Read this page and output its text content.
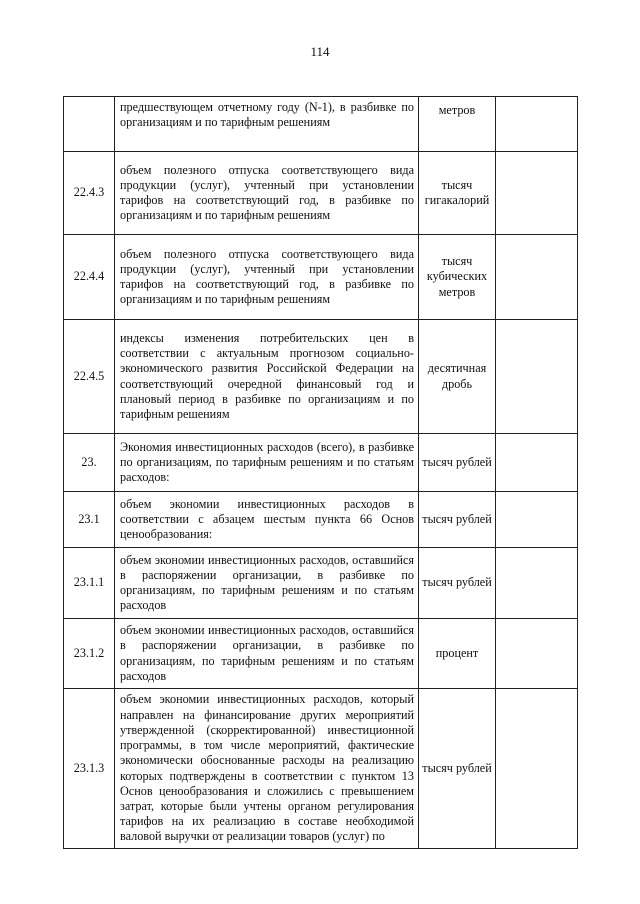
114
	предшествующем отчетному году (N-1), в разбивке по организациям и по тарифным решениям	метров	
22.4.3	объем полезного отпуска соответствующего вида продукции (услуг), учтенный при установлении тарифов на соответствующий год, в разбивке по организациям и по тарифным решениям	тысяч гигакалорий	
22.4.4	объем полезного отпуска соответствующего вида продукции (услуг), учтенный при установлении тарифов на соответствующий год, в разбивке по организациям и по тарифным решениям	тысяч кубических метров	
22.4.5	индексы изменения потребительских цен в соответствии с актуальным прогнозом социально-экономического развития Российской Федерации на соответствующий очередной финансовый год и плановый период в разбивке по организациям и по тарифным решениям	десятичная дробь	
23.	Экономия инвестиционных расходов (всего), в разбивке по организациям, по тарифным решениям и по статьям расходов:	тысяч рублей	
23.1	объем экономии инвестиционных расходов в соответствии с абзацем шестым пункта 66 Основ ценообразования:	тысяч рублей	
23.1.1	объем экономии инвестиционных расходов, оставшийся в распоряжении организации, в разбивке по организациям, по тарифным решениям и по статьям расходов	тысяч рублей	
23.1.2	объем экономии инвестиционных расходов, оставшийся в распоряжении организации, в разбивке по организациям, по тарифным решениям и по статьям расходов	процент	
23.1.3	объем экономии инвестиционных расходов, который направлен на финансирование других мероприятий утвержденной (скорректированной) инвестиционной программы, в том числе мероприятий, фактические экономически обоснованные расходы на реализацию которых подтверждены в соответствии с пунктом 13 Основ ценообразования и сложились с превышением затрат, которые были учтены органом регулирования тарифов на их реализацию в составе необходимой валовой выручки от реализации товаров (услуг) по	тысяч рублей	
